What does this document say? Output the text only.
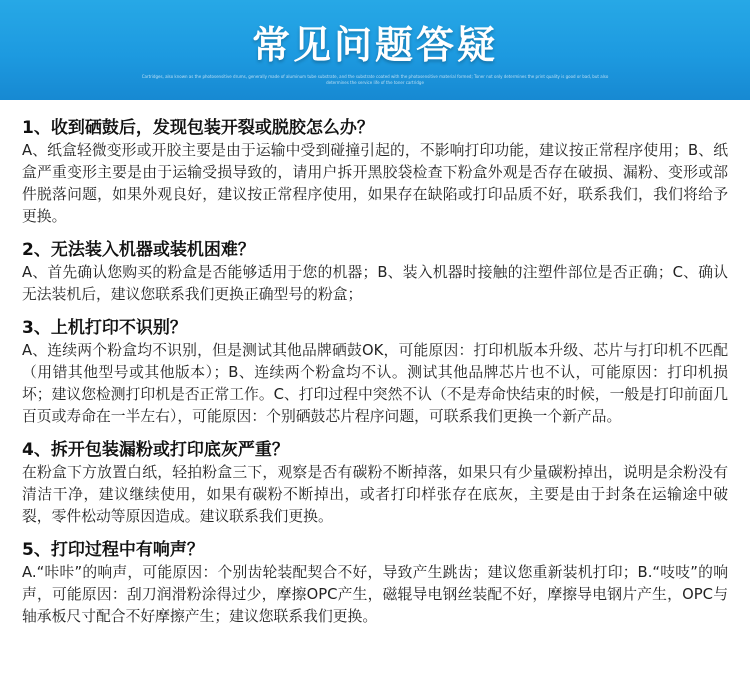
常见问题答疑
Cartridges, also known as the photosensitive drums, generally made of aluminum tube substrate, and the substrate coated with the photosensitive material formed; Toner not only determines the print quality is good or bad, but also determines the service life of the toner cartridge
1、收到硒鼓后，发现包装开裂或脱胶怎么办？
A、纸盒轻微变形或开胶主要是由于运输中受到碰撞引起的，不影响打印功能，建议按正常程序使用；B、纸盒严重变形主要是由于运输受损导致的，请用户拆开黑胶袋检查下粉盒外观是否存在破损、漏粉、变形或部件脱落问题，如果外观良好，建议按正常程序使用，如果存在缺陷或打印品质不好，联系我们，我们将给予更换。
2、无法装入机器或装机困难？
A、首先确认您购买的粉盒是否能够适用于您的机器；B、装入机器时接触的注塑件部位是否正确；C、确认无法装机后，建议您联系我们更换正确型号的粉盒；
3、上机打印不识别？
A、连续两个粉盒均不识别，但是测试其他品牌硒鼓OK，可能原因：打印机版本升级、芯片与打印机不匹配（用错其他型号或其他版本）；B、连续两个粉盒均不认。测试其他品牌芯片也不认，可能原因：打印机损坏；建议您检测打印机是否正常工作。C、打印过程中突然不认（不是寿命快结束的时候，一般是打印前面几百页或寿命在一半左右），可能原因：个别硒鼓芯片程序问题，可联系我们更换一个新产品。
4、拆开包装漏粉或打印底灰严重？
在粉盒下方放置白纸，轻拍粉盒三下，观察是否有碳粉不断掉落，如果只有少量碳粉掉出，说明是余粉没有清洁干净，建议继续使用，如果有碳粉不断掉出，或者打印样张存在底灰，主要是由于封条在运输途中破裂，零件松动等原因造成。建议联系我们更换。
5、打印过程中有响声？
A.“咔咔”的响声，可能原因：个别齿轮装配契合不好，导致产生跳齿；建议您重新装机打印；B.“吱吱”的响声，可能原因：刮刀润滑粉涂得过少，摩擦OPC产生，磁辊导电钢丝装配不好，摩擦导电钢片产生，OPC与轴承板尺寸配合不好摩擦产生；建议您联系我们更换。
